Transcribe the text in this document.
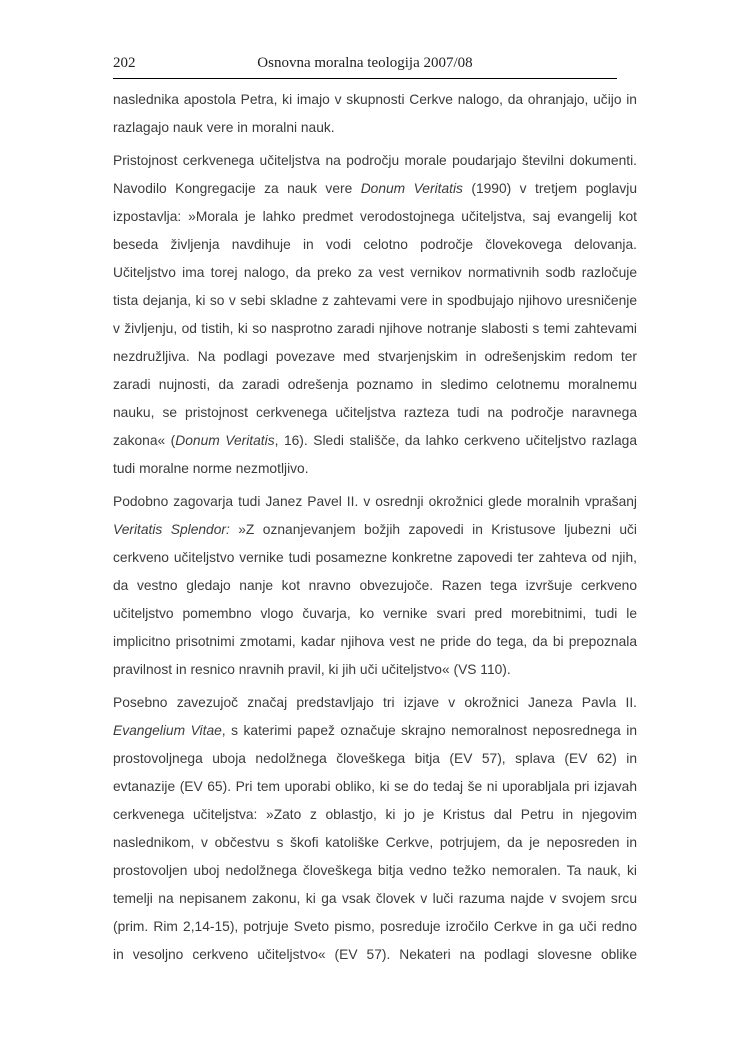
202	Osnovna moralna teologija 2007/08
naslednika apostola Petra, ki imajo v skupnosti Cerkve nalogo, da ohranjajo, učijo in
razlagajo nauk vere in moralni nauk.
Pristojnost cerkvenega učiteljstva na področju morale poudarjajo številni dokumenti.
Navodilo Kongregacije za nauk vere Donum Veritatis (1990) v tretjem poglavju
izpostavlja: »Morala je lahko predmet verodostojnega učiteljstva, saj evangelij kot
beseda življenja navdihuje in vodi celotno področje človekovega delovanja.
Učiteljstvo ima torej nalogo, da preko za vest vernikov normativnih sodb razločuje
tista dejanja, ki so v sebi skladne z zahtevami vere in spodbujajo njihovo uresničenje
v življenju, od tistih, ki so nasprotno zaradi njihove notranje slabosti s temi zahtevami
nezdružljiva. Na podlagi povezave med stvarjenjskim in odrešenjskim redom ter
zaradi nujnosti, da zaradi odrešenja poznamo in sledimo celotnemu moralnemu
nauku, se pristojnost cerkvenega učiteljstva razteza tudi na področje naravnega
zakona« (Donum Veritatis, 16). Sledi stališče, da lahko cerkveno učiteljstvo razlaga
tudi moralne norme nezmotljivo.
Podobno zagovarja tudi Janez Pavel II. v osrednji okrožnici glede moralnih vprašanj
Veritatis Splendor: »Z oznanjevanjem božjih zapovedi in Kristusove ljubezni uči
cerkveno učiteljstvo vernike tudi posamezne konkretne zapovedi ter zahteva od njih,
da vestno gledajo nanje kot nravno obvezujoče. Razen tega izvršuje cerkveno
učiteljstvo pomembno vlogo čuvarja, ko vernike svari pred morebitnimi, tudi le
implicitno prisotnimi zmotami, kadar njihova vest ne pride do tega, da bi prepoznala
pravilnost in resnico nravnih pravil, ki jih uči učiteljstvo« (VS 110).
Posebno zavezujoč značaj predstavljajo tri izjave v okrožnici Janeza Pavla II.
Evangelium Vitae, s katerimi papež označuje skrajno nemoralnost neposrednega in
prostovoljnega uboja nedolžnega človeškega bitja (EV 57), splava (EV 62) in
evtanazije (EV 65). Pri tem uporabi obliko, ki se do tedaj še ni uporabljala pri izjavah
cerkvenega učiteljstva: »Zato z oblastjo, ki jo je Kristus dal Petru in njegovim
naslednikom, v občestvu s škofi katoliške Cerkve, potrjujem, da je neposreden in
prostovoljen uboj nedolžnega človeškega bitja vedno težko nemoralen. Ta nauk, ki
temelji na nepisanem zakonu, ki ga vsak človek v luči razuma najde v svojem srcu
(prim. Rim 2,14-15), potrjuje Sveto pismo, posreduje izročilo Cerkve in ga uči redno
in vesoljno cerkveno učiteljstvo« (EV 57). Nekateri na podlagi slovesne oblike
